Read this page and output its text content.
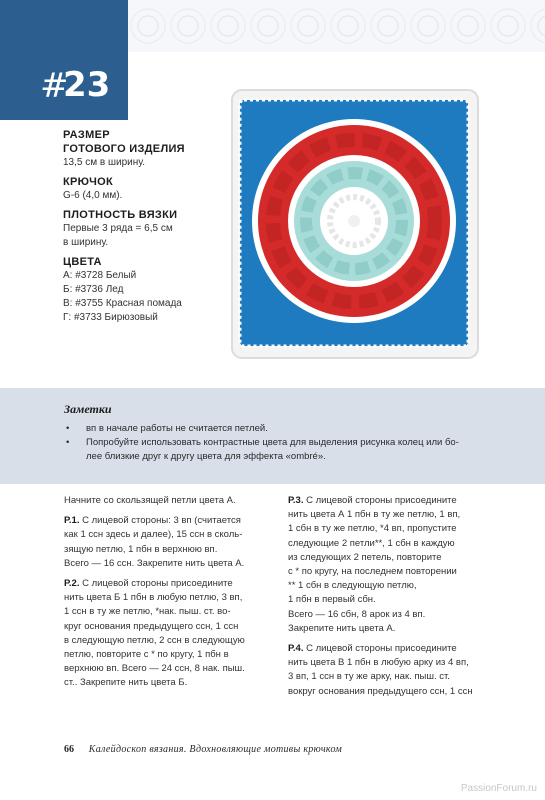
#
23
РАЗМЕР
ГОТОВОГО ИЗДЕЛИЯ
13,5 см в ширину.
КРЮЧОК
G-6 (4,0 мм).
ПЛОТНОСТЬ ВЯЗКИ
Первые 3 ряда = 6,5 см
в ширину.
ЦВЕТА
А: #3728 Белый
Б: #3736 Лед
В: #3755 Красная помада
Г: #3733 Бирюзовый
Заметки
• вп в начале работы не считается петлей.
• Попробуйте использовать контрастные цвета для выделения рисунка колец или бо-
лее близкие друг к другу цвета для эффекта «ombré».

Начните со скользящей петли цвета А.

Р.1. С лицевой стороны: 3 вп (считается
как 1 ссн здесь и далее), 15 ссн в сколь-
зящую петлю, 1 пбн в верхнюю вп.
Всего — 16 ссн. Закрепите нить цвета А.

Р.2. С лицевой стороны присоедините
нить цвета Б 1 пбн в любую петлю, 3 вп,
1 ссн в ту же петлю, *нак. пыш. ст. во-
круг основания предыдущего ссн, 1 ссн
в следующую петлю, 2 ссн в следующую
петлю, повторите с * по кругу, 1 пбн в
верхнюю вп. Всего — 24 ссн, 8 нак. пыш.
ст.. Закрепите нить цвета Б.

Р.3. С лицевой стороны присоедините
нить цвета А 1 пбн в ту же петлю, 1 вп,
1 сбн в ту же петлю, *4 вп, пропустите
следующие 2 петли**, 1 сбн в каждую
из следующих 2 петель, повторите
с * по кругу, на последнем повторении
** 1 сбн в следующую петлю,
1 пбн в первый сбн.
Всего — 16 сбн, 8 арок из 4 вп.
Закрепите нить цвета А.

Р.4. С лицевой стороны присоедините
нить цвета В 1 пбн в любую арку из 4 вп,
3 вп, 1 ссн в ту же арку, нак. пыш. ст.
вокруг основания предыдущего ссн, 1 ссн

66 Калейдоскоп вязания. Вдохновляющие мотивы крючком
PassionForum.ru
